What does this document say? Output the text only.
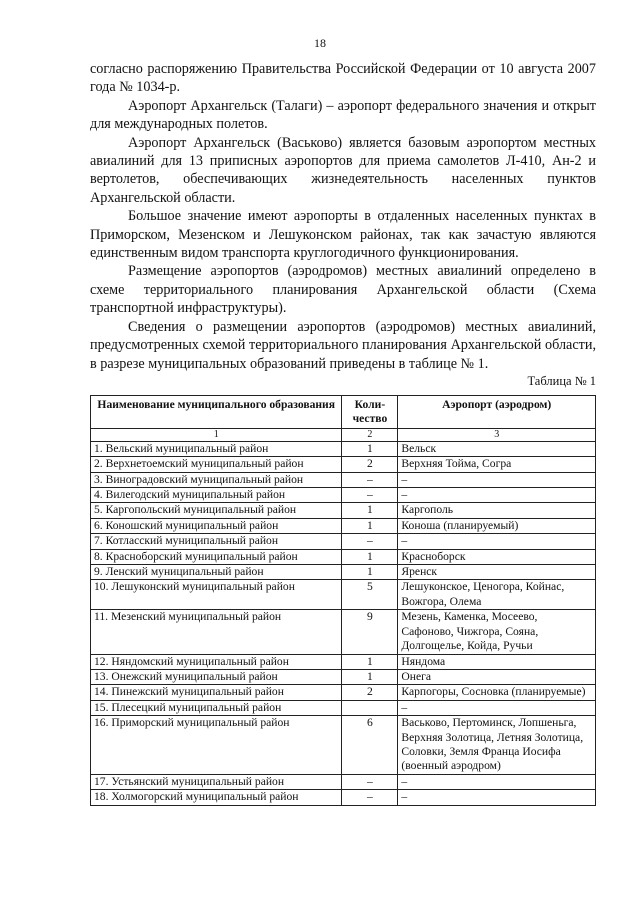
18

согласно распоряжению Правительства Российской Федерации от 10 августа 2007 года № 1034-р.

Аэропорт Архангельск (Талаги) – аэропорт федерального значения и открыт для международных полетов.

Аэропорт Архангельск (Васьково) является базовым аэропортом местных авиалиний для 13 приписных аэропортов для приема самолетов Л-410, Ан-2 и вертолетов, обеспечивающих жизнедеятельность населенных пунктов Архангельской области.

Большое значение имеют аэропорты в отдаленных населенных пунктах в Приморском, Мезенском и Лешуконском районах, так как зачастую являются единственным видом транспорта круглогодичного функционирования.

Размещение аэропортов (аэродромов) местных авиалиний определено в схеме территориального планирования Архангельской области (Схема транспортной инфраструктуры).

Сведения о размещении аэропортов (аэродромов) местных авиалиний, предусмотренных схемой территориального планирования Архангельской области, в разрезе муниципальных образований приведены в таблице № 1.

Таблица № 1
Наименование муниципального образования	Коли-чество	Аэропорт (аэродром)
1	2	3
1. Вельский муниципальный район	1	Вельск
2. Верхнетоемский муниципальный район	2	Верхняя Тойма, Согра
3. Виноградовский муниципальный район	–	–
4. Вилегодский муниципальный район	–	–
5. Каргопольский муниципальный район	1	Каргополь
6. Коношский муниципальный район	1	Коноша (планируемый)
7. Котласский муниципальный район	–	–
8. Красноборский муниципальный район	1	Красноборск
9. Ленский муниципальный район	1	Яренск
10. Лешуконский муниципальный район	5	Лешуконское, Ценогора, Койнас, Вожгора, Олема
11. Мезенский муниципальный район	9	Мезень, Каменка, Мосеево, Сафоново, Чижгора, Сояна, Долгощелье, Койда, Ручьи
12. Няндомский муниципальный район	1	Няндома
13. Онежский муниципальный район	1	Онега
14. Пинежский муниципальный район	2	Карпогоры, Сосновка (планируемые)
15. Плесецкий муниципальный район		–
16. Приморский муниципальный район	6	Васьково, Пертоминск, Лопшеньга, Верхняя Золотица, Летняя Золотица, Соловки, Земля Франца Иосифа (военный аэродром)
17. Устьянский муниципальный район	–	–
18. Холмогорский муниципальный район	–	–
